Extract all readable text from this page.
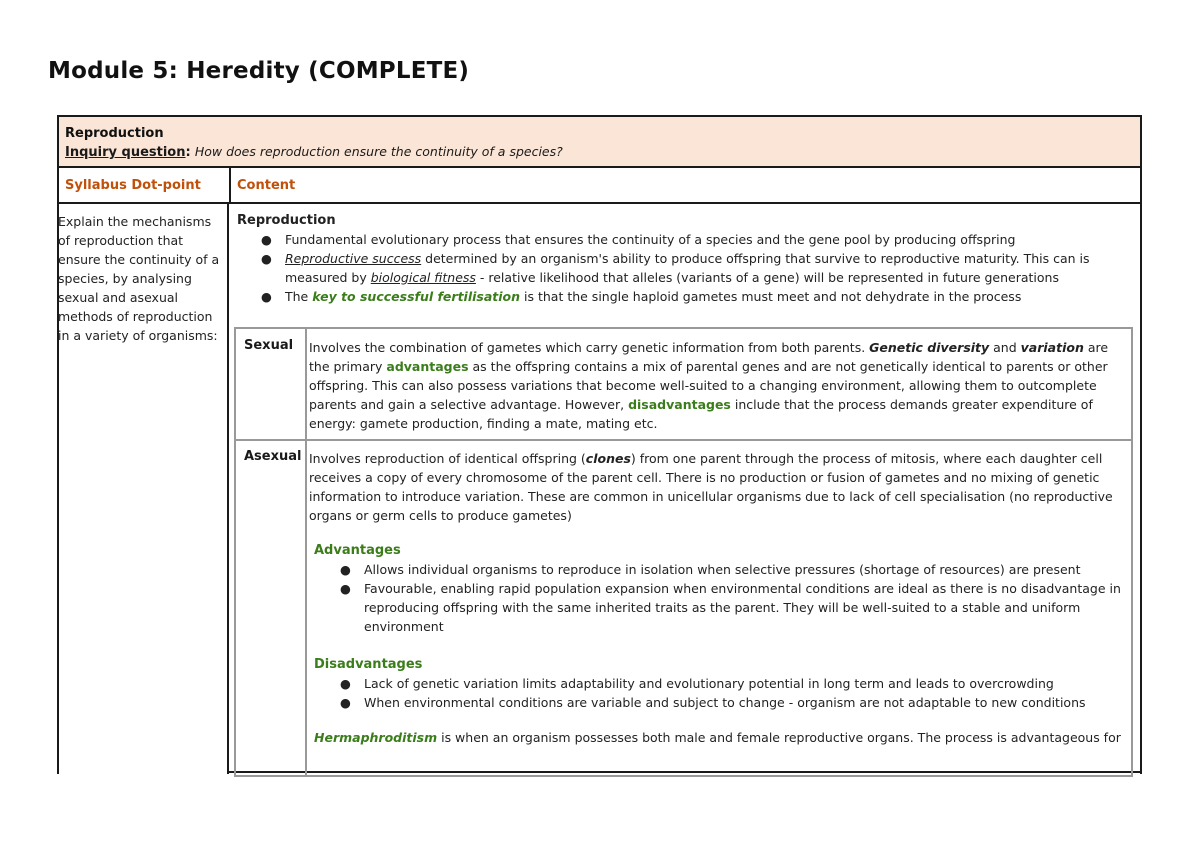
Module 5: Heredity (COMPLETE)
Reproduction
Inquiry question: How does reproduction ensure the continuity of a species?
Syllabus Dot-point	Content
Explain the mechanisms of reproduction that ensure the continuity of a species, by analysing sexual and asexual methods of reproduction in a variety of organisms:
Reproduction
● Fundamental evolutionary process that ensures the continuity of a species and the gene pool by producing offspring
● Reproductive success determined by an organism's ability to produce offspring that survive to reproductive maturity. This can is measured by biological fitness - relative likelihood that alleles (variants of a gene) will be represented in future generations
● The key to successful fertilisation is that the single haploid gametes must meet and not dehydrate in the process
Sexual Involves the combination of gametes which carry genetic information from both parents. Genetic diversity and variation are the primary advantages as the offspring contains a mix of parental genes and are not genetically identical to parents or other offspring. This can also possess variations that become well-suited to a changing environment, allowing them to outcomplete parents and gain a selective advantage. However, disadvantages include that the process demands greater expenditure of energy: gamete production, finding a mate, mating etc.
Asexual Involves reproduction of identical offspring (clones) from one parent through the process of mitosis, where each daughter cell receives a copy of every chromosome of the parent cell. There is no production or fusion of gametes and no mixing of genetic information to introduce variation. These are common in unicellular organisms due to lack of cell specialisation (no reproductive organs or germ cells to produce gametes)
Advantages
● Allows individual organisms to reproduce in isolation when selective pressures (shortage of resources) are present
● Favourable, enabling rapid population expansion when environmental conditions are ideal as there is no disadvantage in reproducing offspring with the same inherited traits as the parent. They will be well-suited to a stable and uniform environment
Disadvantages
● Lack of genetic variation limits adaptability and evolutionary potential in long term and leads to overcrowding
● When environmental conditions are variable and subject to change - organism are not adaptable to new conditions
Hermaphroditism is when an organism possesses both male and female reproductive organs. The process is advantageous for
